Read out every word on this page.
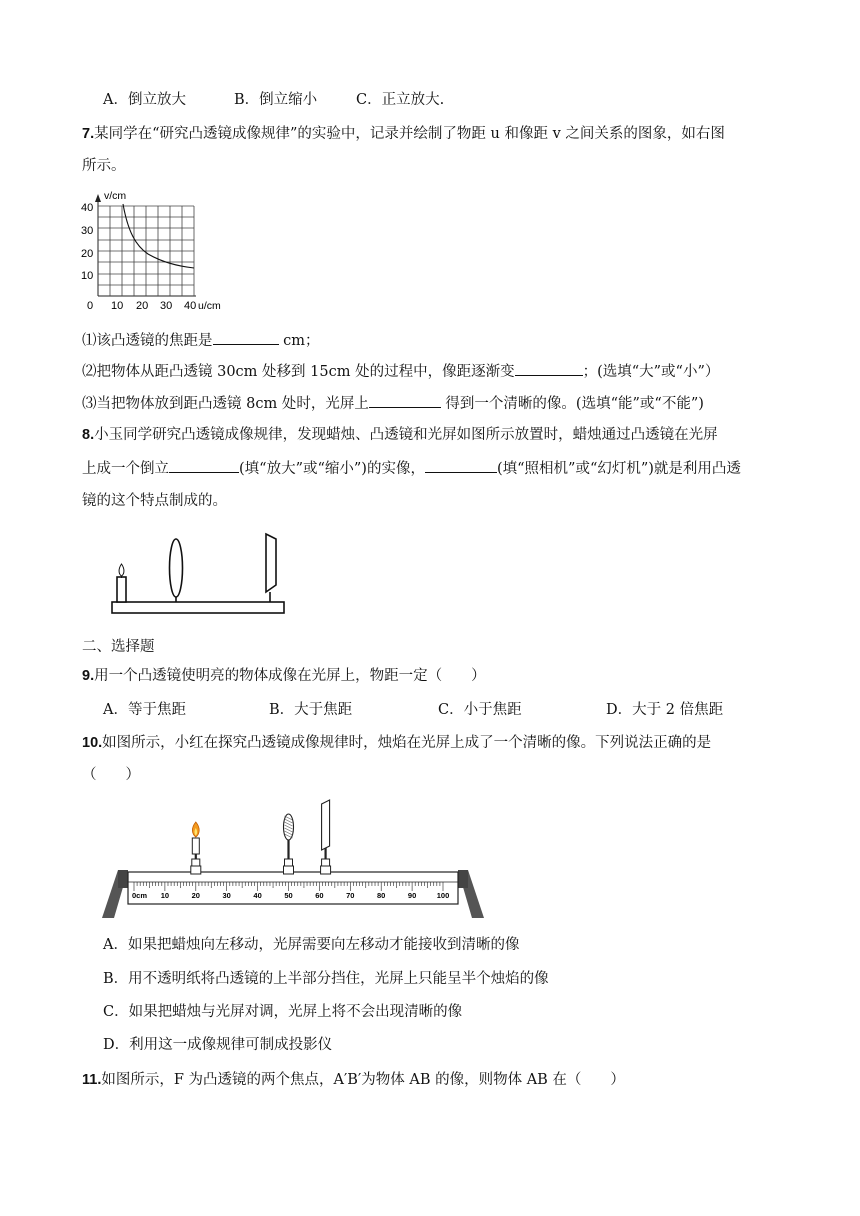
A．倒立放大	B．倒立缩小	C．正立放大.
7.某同学在“研究凸透镜成像规律”的实验中，记录并绘制了物距 u 和像距 v 之间关系的图象，如右图
所示。
v/cm
40
30
20
10
0 10 20 30 40 u/cm
⑴该凸透镜的焦距是	cm；
⑵把物体从距凸透镜 30cm 处移到 15cm 处的过程中，像距逐渐变	；(选填“大”或“小”）
⑶当把物体放到距凸透镜 8cm 处时，光屏上	得到一个清晰的像。(选填“能”或“不能”)
8.小玉同学研究凸透镜成像规律，发现蜡烛、凸透镜和光屏如图所示放置时，蜡烛通过凸透镜在光屏
上成一个倒立	(填“放大”或“缩小”)的实像，	(填“照相机”或“幻灯机”)就是利用凸透
镜的这个特点制成的。
二、选择题
9.用一个凸透镜使明亮的物体成像在光屏上，物距一定（　　）
A．等于焦距	B．大于焦距	C．小于焦距	D．大于 2 倍焦距
10.如图所示，小红在探究凸透镜成像规律时，烛焰在光屏上成了一个清晰的像。下列说法正确的是
（　　）
0cm 10	20	30	40	50	60	70	80	90	100
A．如果把蜡烛向左移动，光屏需要向左移动才能接收到清晰的像
B．用不透明纸将凸透镜的上半部分挡住，光屏上只能呈半个烛焰的像
C．如果把蜡烛与光屏对调，光屏上将不会出现清晰的像
D．利用这一成像规律可制成投影仪
11.如图所示，F 为凸透镜的两个焦点，A′B′为物体 AB 的像，则物体 AB 在（　　）
